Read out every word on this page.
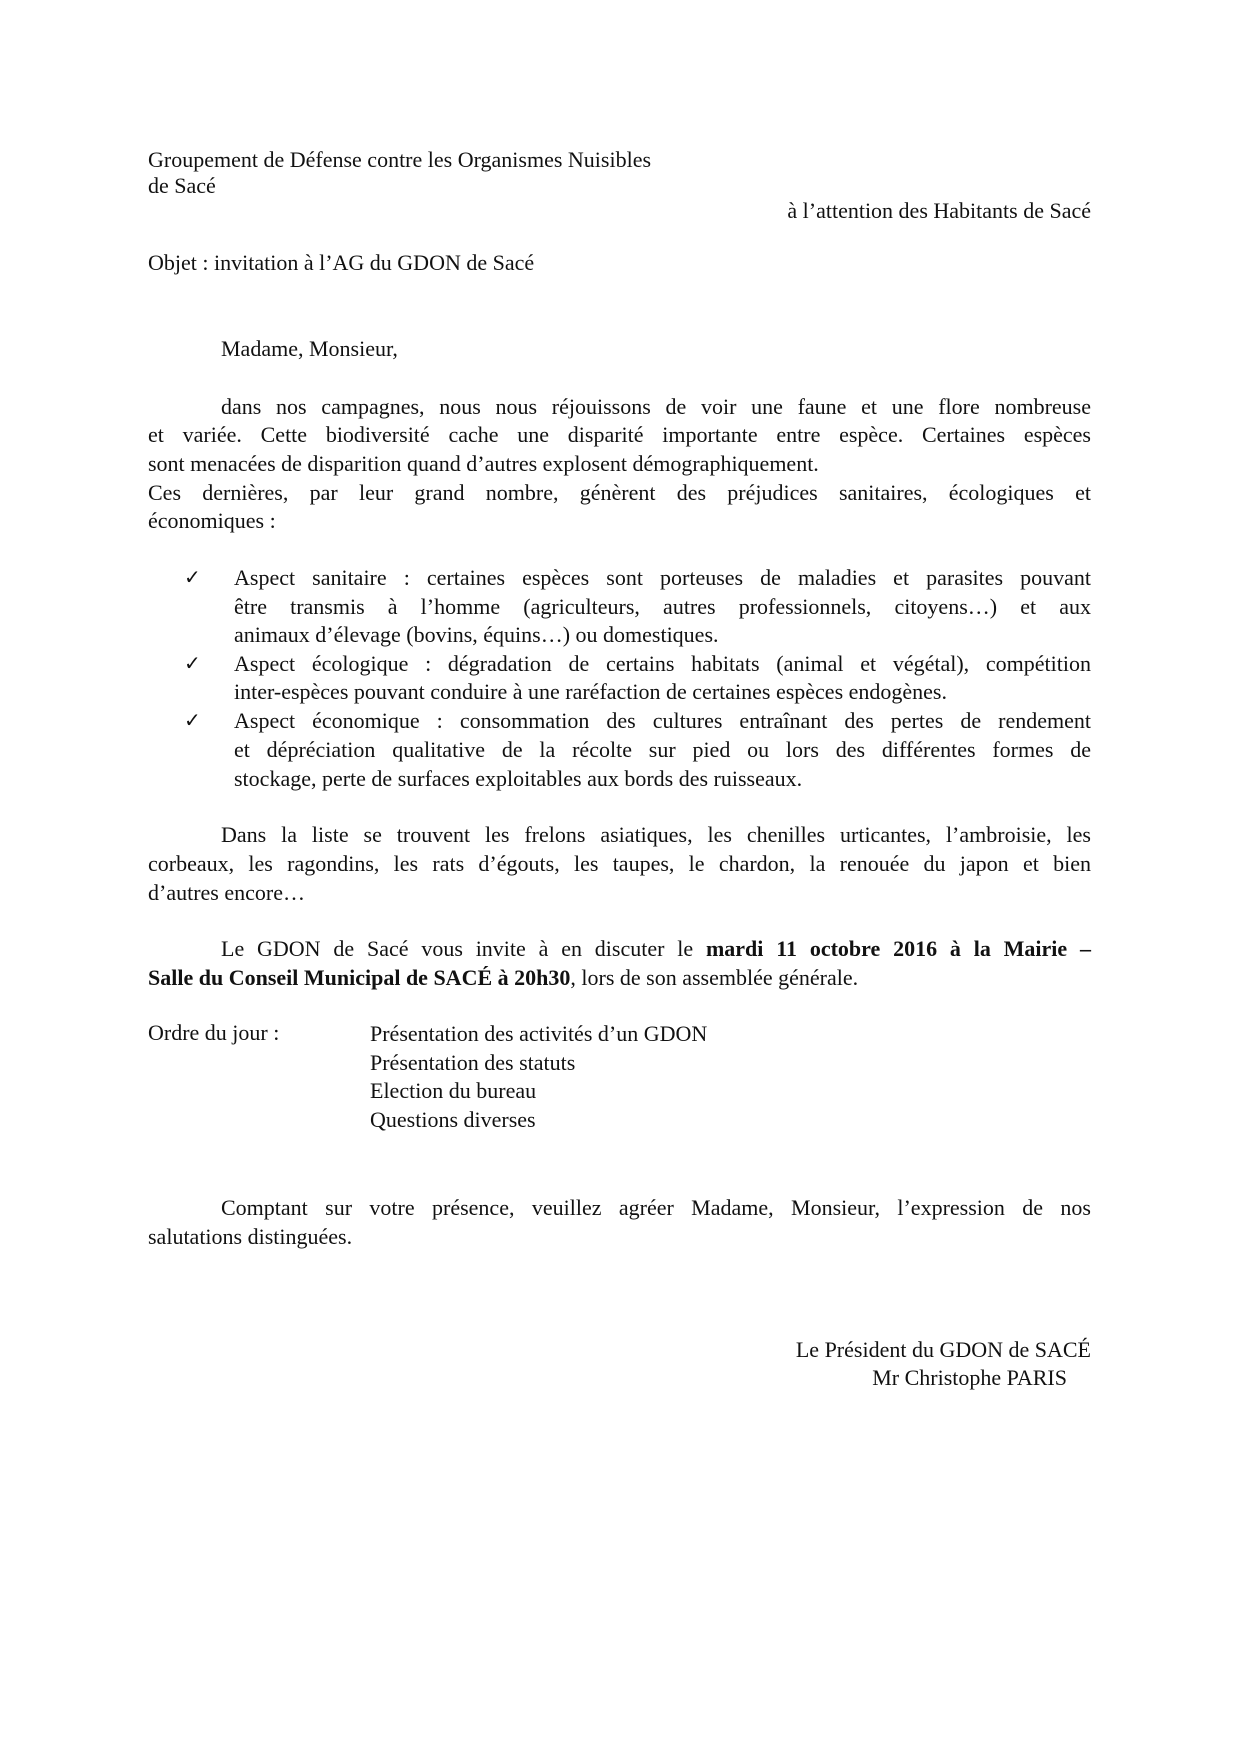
Groupement de Défense contre les Organismes Nuisibles
de Sacé
à l’attention des Habitants de Sacé
Objet : invitation à l’AG du GDON de Sacé
Madame, Monsieur,
dans nos campagnes, nous nous réjouissons de voir une faune et une flore nombreuse
et variée. Cette biodiversité cache une disparité importante entre espèce. Certaines espèces
sont menacées de disparition quand d’autres explosent démographiquement.
Ces dernières, par leur grand nombre, génèrent des préjudices sanitaires, écologiques et
économiques :
✓ Aspect sanitaire : certaines espèces sont porteuses de maladies et parasites pouvant
être transmis à l’homme (agriculteurs, autres professionnels, citoyens…) et aux
animaux d’élevage (bovins, équins…) ou domestiques.
✓ Aspect écologique : dégradation de certains habitats (animal et végétal), compétition
inter-espèces pouvant conduire à une raréfaction de certaines espèces endogènes.
✓ Aspect économique : consommation des cultures entraînant des pertes de rendement
et dépréciation qualitative de la récolte sur pied ou lors des différentes formes de
stockage, perte de surfaces exploitables aux bords des ruisseaux.
Dans la liste se trouvent les frelons asiatiques, les chenilles urticantes, l’ambroisie, les
corbeaux, les ragondins, les rats d’égouts, les taupes, le chardon, la renouée du japon et bien
d’autres encore…
Le GDON de Sacé vous invite à en discuter le mardi 11 octobre 2016 à la Mairie –
Salle du Conseil Municipal de SACÉ à 20h30, lors de son assemblée générale.
Ordre du jour :	Présentation des activités d’un GDON
Présentation des statuts
Election du bureau
Questions diverses
Comptant sur votre présence, veuillez agréer Madame, Monsieur, l’expression de nos
salutations distinguées.
Le Président du GDON de SACÉ
Mr Christophe PARIS
